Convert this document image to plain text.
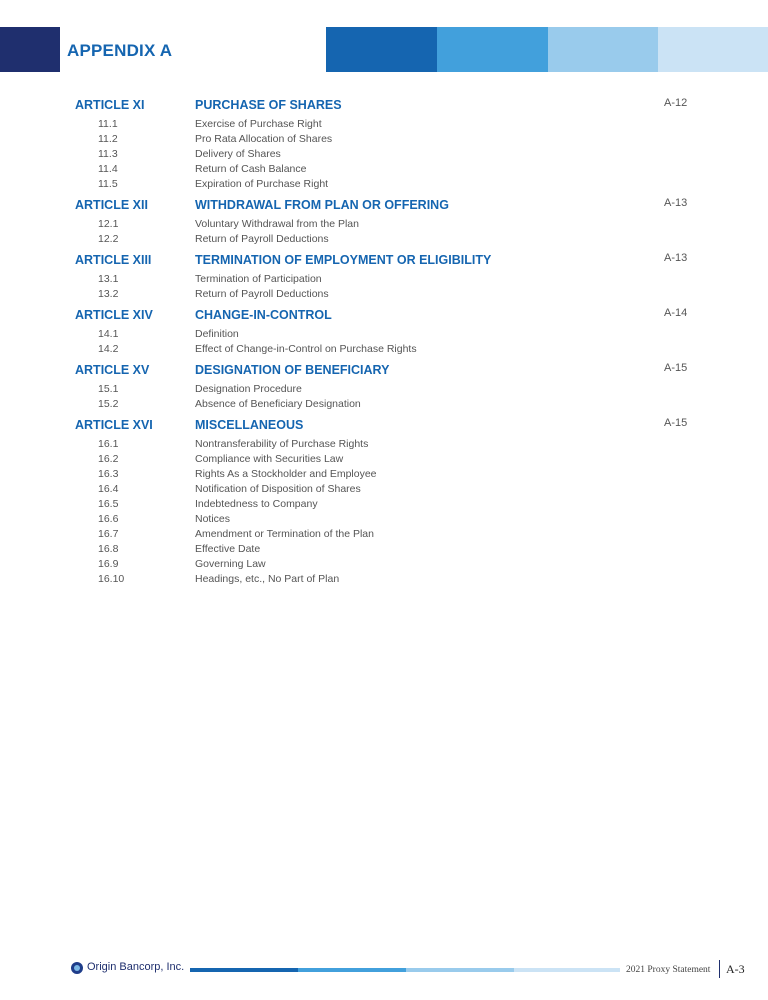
APPENDIX A
ARTICLE XI	PURCHASE OF SHARES	A-12
11.1	Exercise of Purchase Right
11.2	Pro Rata Allocation of Shares
11.3	Delivery of Shares
11.4	Return of Cash Balance
11.5	Expiration of Purchase Right
ARTICLE XII	WITHDRAWAL FROM PLAN OR OFFERING	A-13
12.1	Voluntary Withdrawal from the Plan
12.2	Return of Payroll Deductions
ARTICLE XIII	TERMINATION OF EMPLOYMENT OR ELIGIBILITY	A-13
13.1	Termination of Participation
13.2	Return of Payroll Deductions
ARTICLE XIV	CHANGE-IN-CONTROL	A-14
14.1	Definition
14.2	Effect of Change-in-Control on Purchase Rights
ARTICLE XV	DESIGNATION OF BENEFICIARY	A-15
15.1	Designation Procedure
15.2	Absence of Beneficiary Designation
ARTICLE XVI	MISCELLANEOUS	A-15
16.1	Nontransferability of Purchase Rights
16.2	Compliance with Securities Law
16.3	Rights As a Stockholder and Employee
16.4	Notification of Disposition of Shares
16.5	Indebtedness to Company
16.6	Notices
16.7	Amendment or Termination of the Plan
16.8	Effective Date
16.9	Governing Law
16.10	Headings, etc., No Part of Plan
Origin Bancorp, Inc.	2021 Proxy Statement A-3
